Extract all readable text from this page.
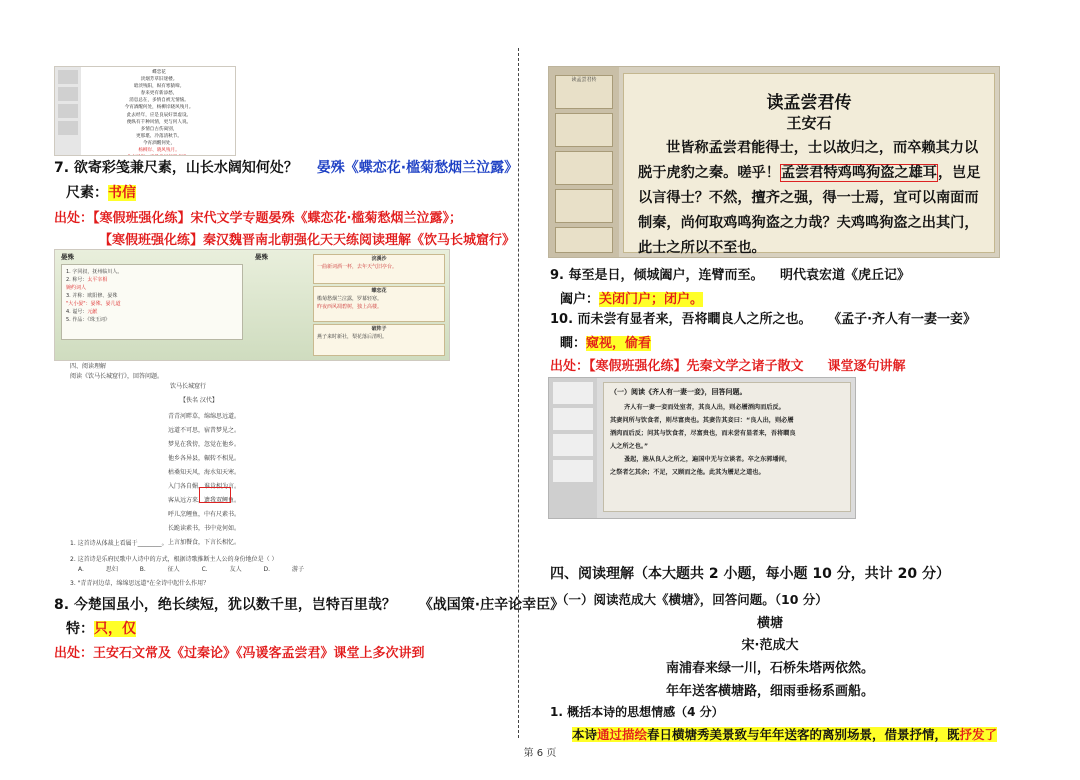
蝶恋花
淡烟芳草旧迷楼。
暗淡残阳，纵有寒猿啼。
春来更有新添愁，
消息总在，多情自被无情恼。
今宵酒醒何处，杨柳岸晓风残月。
此去经年，应是良辰好景虚设。
便纵有千种风情，更与何人说。
多情自古伤离别，
更那堪、冷落清秋节。
今宵酒醒何处，
杨柳岸、晓风残月。
7. 欲寄彩笺兼尺素，山长水阔知何处？ 晏殊《蝶恋花·槛菊愁烟兰泣露》
尺素：书信
出处：【寒假班强化练】宋代文学专题晏殊《蝶恋花·槛菊愁烟兰泣露》；
【寒假班强化练】秦汉魏晋南北朝强化天天练阅读理解《饮马长城窟行》
晏殊
1. 字同叔，抚州临川人。
2. 称号：太平宰相
婉约词人
3. 并称：欧阳修、晏殊
"大小晏"：晏殊、晏几道
4. 谥号：元献
5. 作品：《珠玉词》
晏殊	浣溪沙
一曲新词酒一杯，去年天气旧亭台。
蝶恋花
槛菊愁烟兰泣露，罗幕轻寒。
昨夜西风凋碧树，独上高楼。
破阵子
燕子来时新社，梨花落后清明。
四、阅读理解
阅读《饮马长城窟行》，回答问题。
饮马长城窟行
【佚名 汉代】
青青河畔草，绵绵思远道。
远道不可思，宿昔梦见之。
梦见在我傍，忽觉在他乡。
他乡各异县，辗转不相见。
枯桑知天风，海水知天寒。
入门各自媚，谁肯相为言。
客从远方来，遗我双鲤鱼。
呼儿烹鲤鱼，中有尺素书。
长跪读素书，书中竟何如。
上言加餐食，下言长相忆。
1. 这首诗从体裁上看属于________。
2. 这首诗是乐府民歌中人诗中的方式，根据诗歌推断主人公的身份地位是（ ）
A. 思妇	B. 征人	C. 友人	D. 游子
3. "青青河边草，绵绵思远道"在全诗中起什么作用？
8. 今楚国虽小，绝长续短，犹以数千里，岂特百里哉？ 《战国策·庄辛论幸臣》
特：只，仅
出处：王安石文常及《过秦论》《冯谖客孟尝君》课堂上多次讲到
读孟尝君传
读孟尝君传
王安石
世皆称孟尝君能得士，士以故归之，而卒赖其力以
脱于虎豹之秦。嗟乎！孟尝君特鸡鸣狗盗之雄耳，岂足
以言得士？不然，擅齐之强，得一士焉，宜可以南面而
制秦，尚何取鸡鸣狗盗之力哉？夫鸡鸣狗盗之出其门，
此士之所以不至也。
9. 每至是日，倾城阖户，连臂而至。 明代袁宏道《虎丘记》
阖户：关闭门户；闭户。
10. 而未尝有显者来，吾将瞷良人之所之也。 《孟子·齐人有一妻一妾》
瞷：窥视，偷看
出处：【寒假班强化练】先秦文学之诸子散文 课堂逐句讲解
（一）阅读《齐人有一妻一妾》，回答问题。
齐人有一妻一妾而处室者，其良人出，则必餍酒肉而后反。
其妻问所与饮食者，则尽富贵也。其妻告其妾曰：“良人出，则必餍
酒肉而后反；问其与饮食者，尽富贵也，而未尝有显者来，吾将瞷良
人之所之也。”
蚤起，施从良人之所之，遍国中无与立谈者。卒之东郭墦间，
之祭者乞其余；不足，又顾而之他。此其为餍足之道也。
四、阅读理解（本大题共 2 小题，每小题 10 分，共计 20 分）
（一）阅读范成大《横塘》，回答问题。（10 分）
横塘
宋·范成大
南浦春来绿一川，石桥朱塔两依然。
年年送客横塘路，细雨垂杨系画船。
1. 概括本诗的思想情感（4 分）
本诗通过描绘春日横塘秀美景致与年年送客的离别场景，借景抒情，既抒发了
第 6 页
